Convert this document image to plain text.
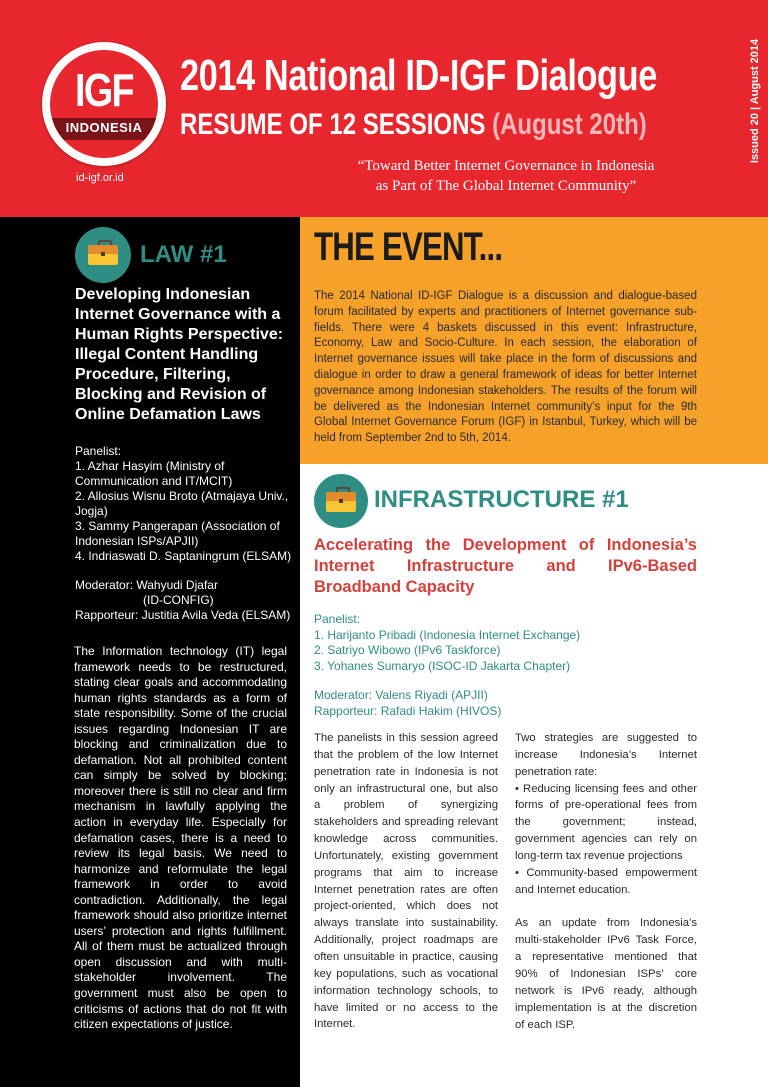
IGF
INDONESIA
id-igf.or.id
2014 National ID-IGF Dialogue
RESUME OF 12 SESSIONS (August 20th)
“Toward Better Internet Governance in Indonesia
as Part of The Global Internet Community”
Issued 20 | August 2014
LAW #1
Developing Indonesian Internet Governance with a Human Rights Perspective: Illegal Content Handling Procedure, Filtering, Blocking and Revision of Online Defamation Laws
Panelist:
1. Azhar Hasyim (Ministry of Communication and IT/MCIT)
2. Allosius Wisnu Broto (Atmajaya Univ., Jogja)
3. Sammy Pangerapan (Association of Indonesian ISPs/APJII)
4. Indriaswati D. Saptaningrum (ELSAM)
Moderator: Wahyudi Djafar
(ID-CONFIG)
Rapporteur: Justitia Avila Veda (ELSAM)
The Information technology (IT) legal framework needs to be restructured, stating clear goals and accommodating human rights standards as a form of state responsibility. Some of the crucial issues regarding Indonesian IT are blocking and criminalization due to defamation. Not all prohibited content can simply be solved by blocking; moreover there is still no clear and firm mechanism in lawfully applying the action in everyday life. Especially for defamation cases, there is a need to review its legal basis. We need to harmonize and reformulate the legal framework in order to avoid contradiction. Additionally, the legal framework should also prioritize internet users’ protection and rights fulfillment. All of them must be actualized through open discussion and with multi-stakeholder involvement. The government must also be open to criticisms of actions that do not fit with citizen expectations of justice.
THE EVENT...
The 2014 National ID-IGF Dialogue is a discussion and dialogue-based forum facilitated by experts and practitioners of Internet governance sub-fields. There were 4 baskets discussed in this event: Infrastructure, Economy, Law and Socio-Culture. In each session, the elaboration of Internet governance issues will take place in the form of discussions and dialogue in order to draw a general framework of ideas for better Internet governance among Indonesian stakeholders. The results of the forum will be delivered as the Indonesian Internet community’s input for the 9th Global Internet Governance Forum (IGF) in Istanbul, Turkey, which will be held from September 2nd to 5th, 2014.
INFRASTRUCTURE #1
Accelerating the Development of Indonesia’s Internet Infrastructure and IPv6-Based Broadband Capacity
Panelist:
1. Harijanto Pribadi (Indonesia Internet Exchange)
2. Satriyo Wibowo (IPv6 Taskforce)
3. Yohanes Sumaryo (ISOC-ID Jakarta Chapter)
Moderator: Valens Riyadi (APJII)
Rapporteur: Rafadi Hakim (HIVOS)

The panelists in this session agreed that the problem of the low Internet penetration rate in Indonesia is not only an infrastructural one, but also a problem of synergizing stakeholders and spreading relevant knowledge across communities. Unfortunately, existing government programs that aim to increase Internet penetration rates are often project-oriented, which does not always translate into sustainability. Additionally, project roadmaps are often unsuitable in practice, causing key populations, such as vocational information technology schools, to have limited or no access to the Internet.

Two strategies are suggested to increase Indonesia’s Internet penetration rate:

• Reducing licensing fees and other forms of pre-operational fees from the government; instead, government agencies can rely on long-term tax revenue projections

• Community-based empowerment and Internet education.

As an update from Indonesia’s multi-stakeholder IPv6 Task Force, a representative mentioned that 90% of Indonesian ISPs’ core network is IPv6 ready, although implementation is at the discretion of each ISP.
